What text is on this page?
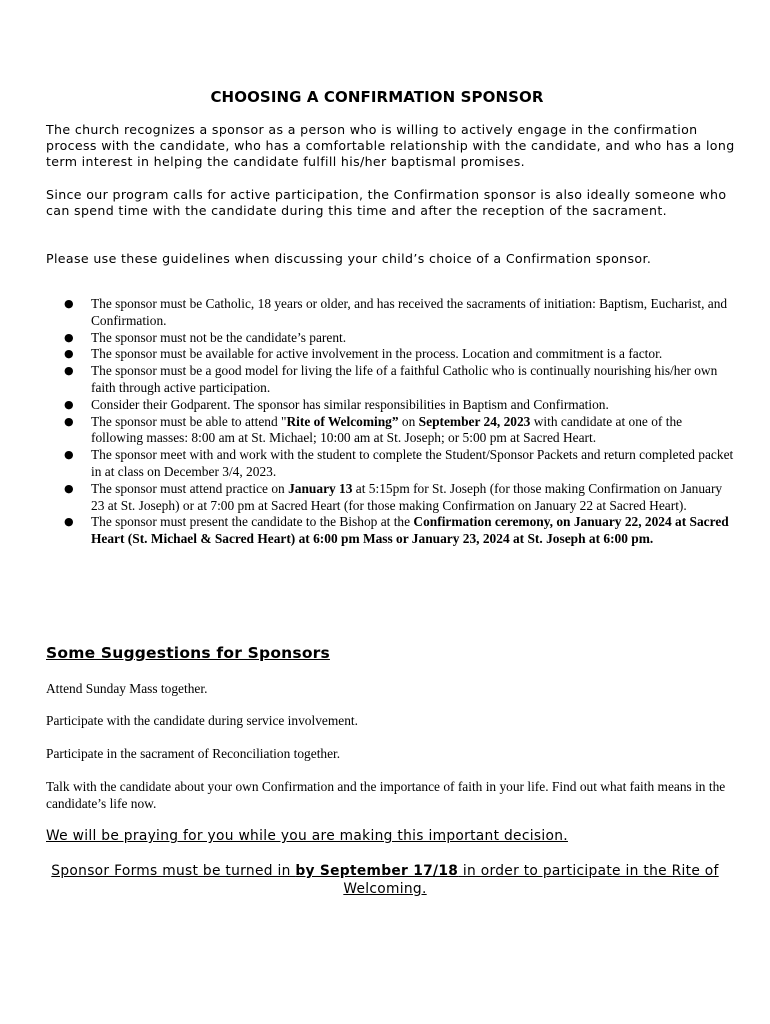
CHOOSING A CONFIRMATION SPONSOR

The church recognizes a sponsor as a person who is willing to actively engage in the confirmation process with the candidate, who has a comfortable relationship with the candidate, and who has a long term interest in helping the candidate fulfill his/her baptismal promises.

Since our program calls for active participation, the Confirmation sponsor is also ideally someone who can spend time with the candidate during this time and after the reception of the sacrament.

Please use these guidelines when discussing your child’s choice of a Confirmation sponsor.

● The sponsor must be Catholic, 18 years or older, and has received the sacraments of initiation: Baptism, Eucharist, and Confirmation.
● The sponsor must not be the candidate’s parent.
● The sponsor must be available for active involvement in the process. Location and commitment is a factor.
● The sponsor must be a good model for living the life of a faithful Catholic who is continually nourishing his/her own faith through active participation.
● Consider their Godparent. The sponsor has similar responsibilities in Baptism and Confirmation.
● The sponsor must be able to attend "Rite of Welcoming” on September 24, 2023 with candidate at one of the following masses: 8:00 am at St. Michael; 10:00 am at St. Joseph; or 5:00 pm at Sacred Heart.
● The sponsor meet with and work with the student to complete the Student/Sponsor Packets and return completed packet in at class on December 3/4, 2023.
● The sponsor must attend practice on January 13 at 5:15pm for St. Joseph (for those making Confirmation on January 23 at St. Joseph) or at 7:00 pm at Sacred Heart (for those making Confirmation on January 22 at Sacred Heart).
● The sponsor must present the candidate to the Bishop at the Confirmation ceremony, on January 22, 2024 at Sacred Heart (St. Michael & Sacred Heart) at 6:00 pm Mass or January 23, 2024 at St. Joseph at 6:00 pm.
Some Suggestions for Sponsors

Attend Sunday Mass together.

Participate with the candidate during service involvement.

Participate in the sacrament of Reconciliation together.

Talk with the candidate about your own Confirmation and the importance of faith in your life. Find out what faith means in the candidate’s life now.

We will be praying for you while you are making this important decision.
Sponsor Forms must be turned in by September 17/18 in order to participate in the Rite of Welcoming.
